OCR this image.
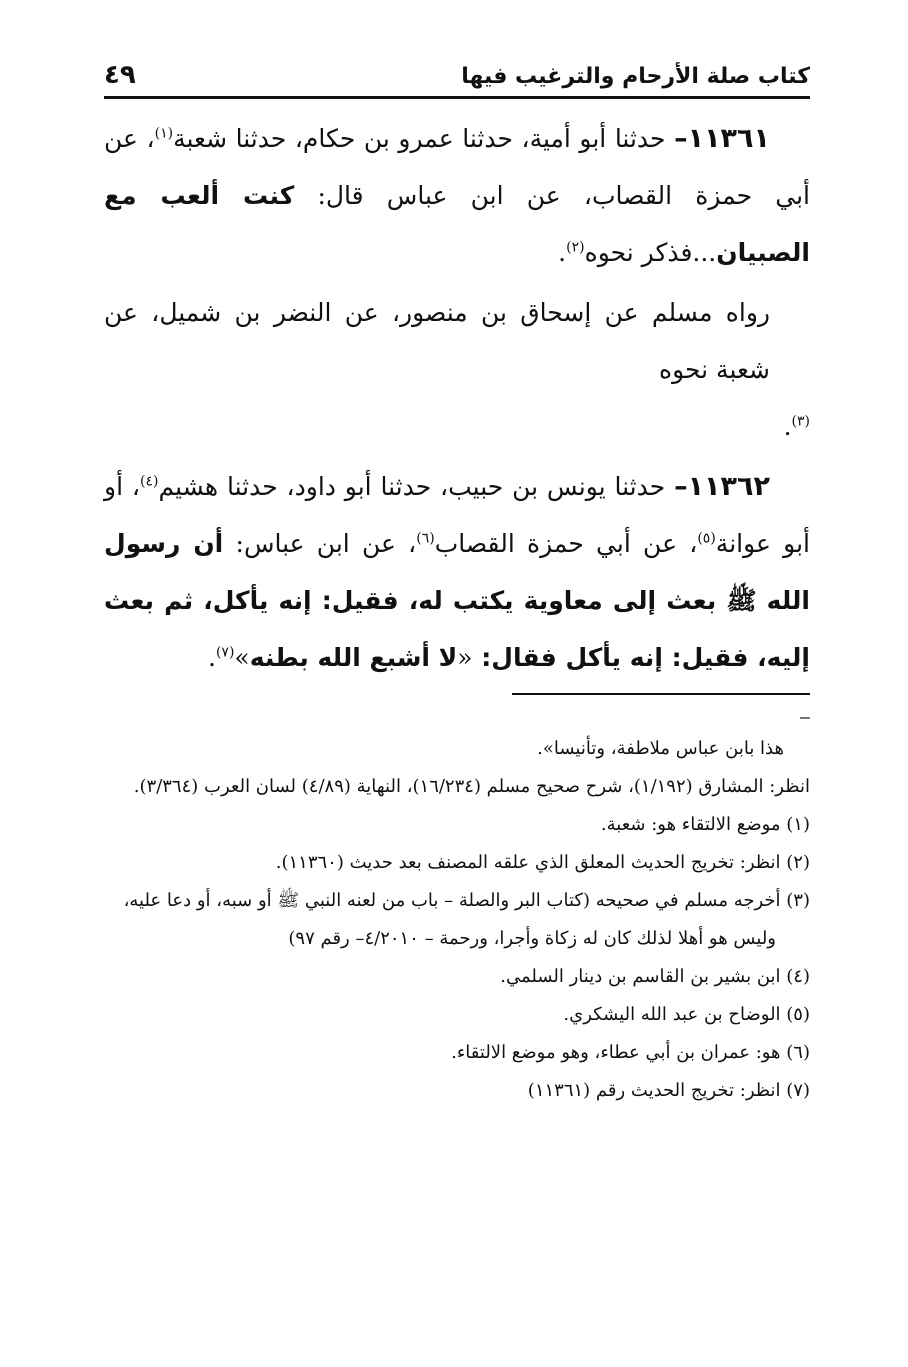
كتاب صلة الأرحام والترغيب فيها
٤٩

١١٣٦١– حدثنا أبو أمية، حدثنا عمرو بن حكام، حدثنا شعبة$^{(١)}$، عن أبي حمزة القصاب، عن ابن عباس قال: كنت ألعب مع الصبيان...فذكر نحوه$^{(٢)}$.

رواه مسلم عن إسحاق بن منصور، عن النضر بن شميل، عن شعبة نحوه$^{(٣)}$.

١١٣٦٢– حدثنا يونس بن حبيب، حدثنا أبو داود، حدثنا هشيم$^{(٤)}$، أو أبو عوانة$^{(٥)}$، عن أبي حمزة القصاب$^{(٦)}$، عن ابن عباس: أن رسول الله ﷺ بعث إلى معاوية يكتب له، فقيل: إنه يأكل، ثم بعث إليه، فقيل: إنه يأكل فقال: «لا أشبع الله بطنه»$^{(٧)}$.

هذا بابن عباس ملاطفة، وتأنيسا».

انظر: المشارق (١/١٩٢)، شرح صحيح مسلم (١٦/٢٣٤)، النهاية (٤/٨٩) لسان العرب (٣/٣٦٤).

(١) موضع الالتقاء هو: شعبة.

(٢) انظر: تخريج الحديث المعلق الذي علقه المصنف بعد حديث (١١٣٦٠).

(٣) أخرجه مسلم في صحيحه (كتاب البر والصلة – باب من لعنه النبي ﷺ أو سبه، أو دعا عليه،

وليس هو أهلا لذلك كان له زكاة وأجرا، ورحمة – ٤/٢٠١٠– رقم ٩٧)

(٤) ابن بشير بن القاسم بن دينار السلمي.

(٥) الوضاح بن عبد الله اليشكري.

(٦) هو: عمران بن أبي عطاء، وهو موضع الالتقاء.

(٧) انظر: تخريج الحديث رقم (١١٣٦١)
